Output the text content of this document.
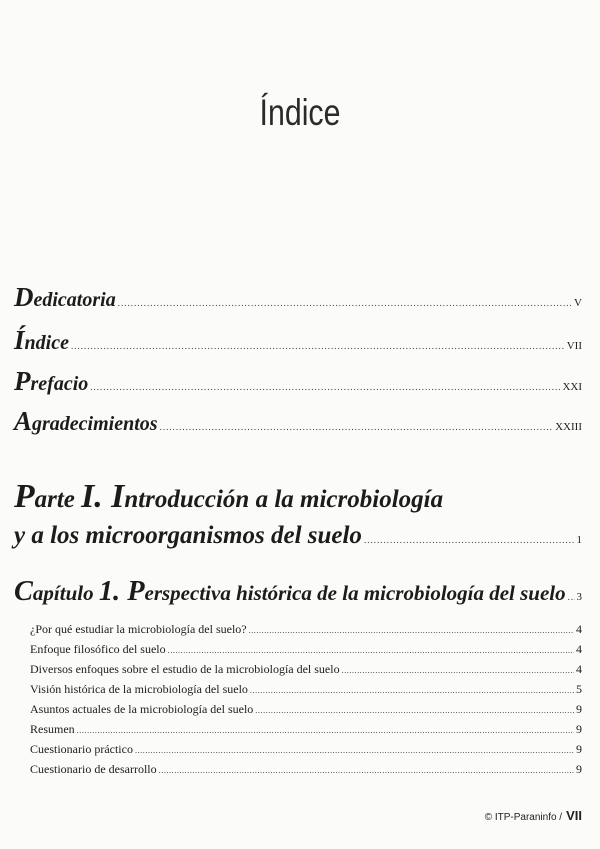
Índice
Dedicatoria .....	V
Índice .....	VII
Prefacio .....	XXI
Agradecimientos .....	XXIII
Parte I. Introducción a la microbiología
y a los microorganismos del suelo .....	1
Capítulo 1. Perspectiva histórica de la microbiología del suelo ..... 3
¿Por qué estudiar la microbiología del suelo? .....	4
Enfoque filosófico del suelo .....	4
Diversos enfoques sobre el estudio de la microbiología del suelo .....	4
Visión histórica de la microbiología del suelo .....	5
Asuntos actuales de la microbiología del suelo .....	9
Resumen .....	9
Cuestionario práctico .....	9
Cuestionario de desarrollo .....	9
© ITP-Paraninfo / VII
